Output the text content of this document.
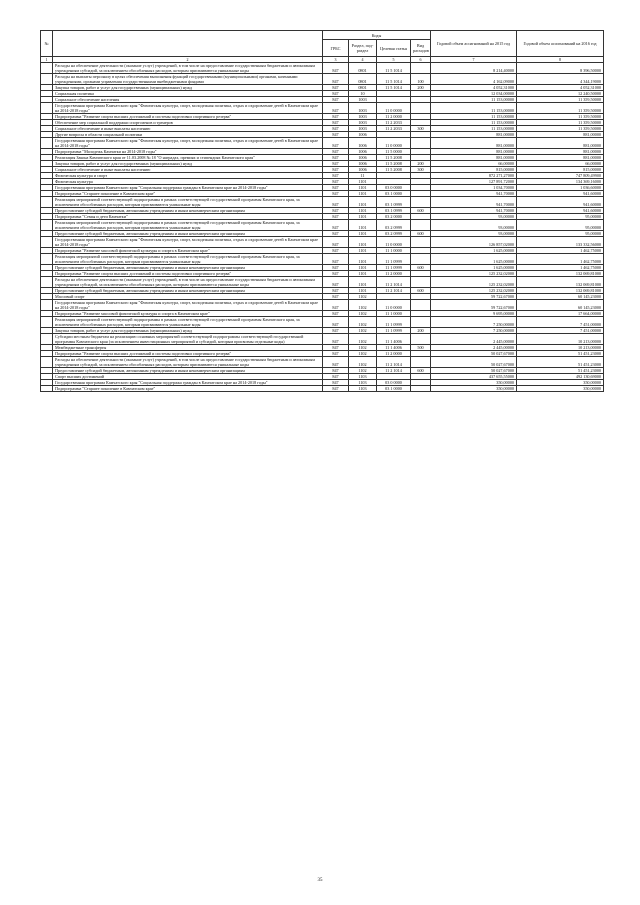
№		Коды				Годовой объем ассигнований на 2015 год	Годовой объем ассигнований на 2016 год
		ГРБС	Раздел, под-раздел	Целевая статья	Вид расходов		
1	2	3	4	5	6	7	8
	Расходы на обеспечение деятельности (оказание услуг) учреждений, в том числе на предоставление государственным бюджетным и автономным учреждениям субсидий, за исключением обособленных расходов, которым присваиваются уникальные коды	847	0801	11 5 1014		8 214,40000	8 396,50000
	Расходы на выплаты персоналу в целях обеспечения выполнения функций государственными (муниципальными) органами, казенными учреждениями, органами управления государственными внебюджетными фондами	847	0801	11 5 1014	100	4 162,09000	4 344,19000
	Закупка товаров, работ и услуг для государственных (муниципальных) нужд	847	0801	11 5 1014	200	4 052,31000	4 052,31000
	Социальная политика	847	10			12 034,00000	12 240,50000
	Социальное обеспечение населения	847	1003			11 153,00000	11 359,50000
	Государственная программа Камчатского края "Физическая культура, спорт, молодежная политика, отдых и оздоровление детей в Камчатском крае на 2014-2018 годы"	847	1003	11 0 0000		11 153,00000	11 359,50000
	Подпрограмма "Развитие спорта высших достижений и системы подготовки спортивного резерва"	847	1003	11 2 0000		11 153,00000	11 359,50000
	Обеспечение мер социальной поддержки спортсменов и тренеров	847	1003	11 2 2033		11 153,00000	11 359,50000
	Социальное обеспечение и иные выплаты населению	847	1003	11 2 2033	300	11 153,00000	11 359,50000
	Другие вопросы в области социальной политики	847	1006			881,00000	881,00000
	Государственная программа Камчатского края "Физическая культура, спорт, молодежная политика, отдых и оздоровление детей в Камчатском крае на 2014-2018 годы"	847	1006	11 0 0000		881,00000	881,00000
	Подпрограмма "Молодежь Камчатки на 2014-2018 годы"	847	1006	11 5 0000		881,00000	881,00000
	Реализация Закона Камчатского края от 11.03.2008 № 18 "О наградах, премиях и стипендиях Камчатского края"	847	1006	11 5 2008		881,00000	881,00000
	Закупка товаров, работ и услуг для государственных (муниципальных) нужд	847	1006	11 5 2008	200	66,00000	66,00000
	Социальное обеспечение и иные выплаты населению	847	1006	11 5 2008	300	815,00000	815,00000
	Физическая культура и спорт	847	11			872 271,27000	747 809,49900
	Физическая культура	847	1101			127 891,72000	134 369,16000
	Государственная программа Камчатского края "Социальная поддержка граждан в Камчатском крае на 2014-2018 годы"	847	1101	03 0 0000		1 034,70000	1 036,60000
	Подпрограмма "Старшее поколение в Камчатском крае"	847	1101	03 1 0000		941,70000	941,60000
	Реализация мероприятий соответствующей подпрограммы в рамках соответствующей государственной программы Камчатского края, за исключением обособленных расходов, которым присваиваются уникальные коды	847	1101	03 1 0999		941,70000	941,60000
	Предоставление субсидий бюджетным, автономным учреждениям и иным некоммерческим организациям	847	1101	03 1 0999	600	941,70000	941,60000
	Подпрограмма "Семья и дети Камчатки"	847	1101	03 2 0000		93,00000	95,00000
	Реализация мероприятий соответствующей подпрограммы в рамках соответствующей государственной программы Камчатского края, за исключением обособленных расходов, которым присваиваются уникальные коды	847	1101	03 2 0999		93,00000	95,00000
	Предоставление субсидий бюджетным, автономным учреждениям и иным некоммерческим организациям	847	1101	03 2 0999	600	93,00000	95,00000
	Государственная программа Камчатского края "Физическая культура, спорт, молодежная политика, отдых и оздоровление детей в Камчатском крае на 2014-2018 годы"	847	1101	11 0 0000		126 857,02000	133 332,56000
	Подпрограмма "Развитие массовой физической культуры и спорта в Камчатском крае"	847	1101	11 1 0000		1 625,00000	1 462,75000
	Реализация мероприятий соответствующей подпрограммы в рамках соответствующей государственной программы Камчатского края, за исключением обособленных расходов, которым присваиваются уникальные коды	847	1101	11 1 0999		1 625,00000	1 462,75000
	Предоставление субсидий бюджетным, автономным учреждениям и иным некоммерческим организациям	847	1101	11 1 0999	600	1 625,00000	1 462,75000
	Подпрограмма "Развитие спорта высших достижений и системы подготовки спортивного резерва"	847	1101	11 2 0000		125 232,02000	132 069,81000
	Расходы на обеспечение деятельности (оказание услуг) учреждений, в том числе на предоставление государственным бюджетным и автономным учреждениям субсидий, за исключением обособленных расходов, которым присваиваются уникальные коды	847	1101	11 2 1014		125 232,02000	132 069,81000
	Предоставление субсидий бюджетным, автономным учреждениям и иным некоммерческим организациям	847	1101	11 2 1014	600	125 232,02000	132 069,81000
	Массовый спорт	847	1102			59 722,67000	60 145,23000
	Государственная программа Камчатского края "Физическая культура, спорт, молодежная политика, отдых и оздоровление детей в Камчатском крае на 2014-2018 годы"	847	1102	11 0 0000		59 722,67000	60 145,23000
	Подпрограмма "Развитие массовой физической культуры и спорта в Камчатском крае"	847	1102	11 1 0000		9 695,00000	17 664,00000
	Реализация мероприятий соответствующей подпрограммы в рамках соответствующей государственной программы Камчатского края, за исключением обособленных расходов, которым присваиваются уникальные коды	847	1102	11 1 0999		7 250,00000	7 451,00000
	Закупка товаров, работ и услуг для государственных (муниципальных) нужд	847	1102	11 1 0999	200	7 250,00000	7 451,00000
	Субсидии местным бюджетам на реализацию основных мероприятий соответствующей подпрограммы соответствующей государственной программы Камчатского края (за исключением инвестиционных мероприятий и субсидий, которым присвоены отдельные коды)	847	1102	11 1 4006		2 445,00000	10 213,00000
	Межбюджетные трансферты	847	1102	11 1 4006	500	2 445,00000	10 213,00000
	Подпрограмма "Развитие спорта высших достижений и системы подготовки спортивного резерва"	847	1102	11 2 0000		50 027,67000	51 451,23000
	Расходы на обеспечение деятельности (оказание услуг) учреждений, в том числе на предоставление государственным бюджетным и автономным учреждениям субсидий, за исключением обособленных расходов, которым присваиваются уникальные коды	847	1102	11 2 1014		50 027,67000	51 451,23000
	Предоставление субсидий бюджетным, автономным учреждениям и иным некоммерческим организациям	847	1102	11 2 1014	600	50 027,67000	51 451,23000
	Спорт высших достижений	847	1103			437 655,55000	492 130,69000
	Государственная программа Камчатского края "Социальная поддержка граждан в Камчатском крае на 2014-2018 годы"	847	1103	03 0 0000		350,00000	350,00000
	Подпрограмма "Старшее поколение в Камчатском крае"	847	1103	03 1 0000		350,00000	350,00000
35
